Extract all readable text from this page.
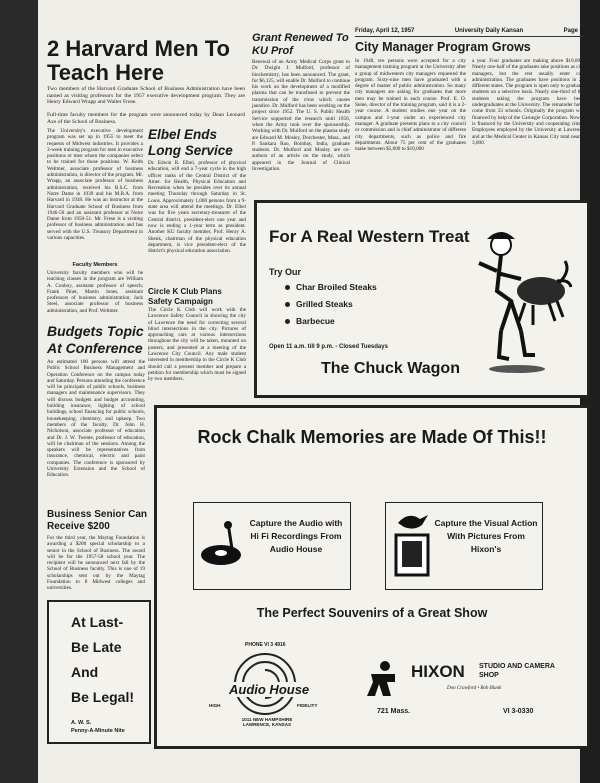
Friday, April 12, 1957	University Daily Kansan	Page 3
2 Harvard Men To Teach Here
Two members of the Harvard Graduate School of Business Administration have been named as visiting professors for the 1957 executive development program. They are Henry Edward Wrapp and Walter Frese.
Full-time faculty members for the program were announced today by Dean Leonard Axe of the School of Business.
The University's executive development program was set up in 1955 to meet the requests of Midwest industries. It provides a 3-week training program for men in executive positions or men whom the companies select to be trained for those positions. W. Keith Weltmer, associate professor of business administration, is director of the program. Mr. Wrapp, an associate professor of business administration, received his B.S.C. from Notre Dame in 1939 and his M.B.A. from Harvard in 1938. He was an instructor at the Harvard Graduate School of Business from 1946-50 and an assistant professor at Notre Dame from 1950-51. Mr. Frese is a visiting professor of business administration and has served with the U.S. Treasury Department in various capacities.
Faculty Members
University faculty members who will be teaching classes in the program are William A. Conboy, assistant professor of speech; Frank Pinet, Martin Jones, assistant professors of business administration; Jack Steel, associate professor of business administration, and Prof. Weltmer.
Elbel Ends Long Service
Dr. Edwin R. Elbel, professor of physical education, will end a 7-year cycle in the high officer ranks of the Central District of the Amer. for Health, Physical Education and Recreation when he presides over its annual meeting Thursday through Saturday in St. Louis. Approximately 1,000 persons from a 9-state area will attend the meetings. Dr. Elbel was for five years secretary-treasurer of the Central district, president-elect one year and now is ending a 1-year term as president. Another KU faculty member, Prof. Henry A. Shenk, chairman of the physical education department, is vice president-elect of the district's physical education association.
Circle K Club Plans Safety Campaign
The Circle K Club will work with the Lawrence Safety Council in showing the city of Lawrence the need for correcting several blind intersections in the city. Pictures of approaching cars at various intersections throughout the city will be taken, mounted on posters, and presented at a meeting of the Lawrence City Council. Any male student interested in membership in the Circle K Club should call a present member and prepare a petition for membership which must be signed by two members.
Budgets Topic At Conference
An estimated 100 persons will attend the Public School Business Management and Operation Conference on the campus today and Saturday. Persons attending the conference will be principals of public schools, business managers and maintenance supervisors. They will discuss budgets and budget accounting, building insurance, lighting of school buildings, school financing for public schools, housekeeping, chemistry, and upkeep. Two members of the faculty, Dr. John H. Nicholson, associate professor of education and Dr. J. W. Twente, professor of education, will be chairman of the sessions. Among the speakers will be representatives from insurance, chemical, electric and paint companies. The conference is sponsored by University Extension and the School of Education.
Business Senior Can Receive $200
For the third year, the Maytag Foundation is awarding a $200 special scholarship to a senior in the School of Business. The award will be for the 1957-58 school year. The recipient will be announced next fall by the School of Business faculty. This is one of 19 scholarships sent out by the Maytag Foundation to 8 Midwest colleges and universities.
At Last-
Be Late
And
Be Legal!
A. W. S.
Penny-A-Minute Nite
Grant Renewed To KU Prof
Renewal of an Army Medical Corps grant to Dr. Dwight J. Mulford, professor of biochemistry, has been announced. The grant, for $6,125, will enable Dr. Mulford to continue his work on the development of a modified plasma that can be transfused to prevent the transmission of the virus which causes jaundice. Dr. Mulford has been working on the project since 1952. The U. S. Public Health Service supported the research until 1956, when the Army took over the sponsorship. Working with Dr. Mulford on the plasma study are Edward M. Mosley, Dorchester, Mass., and P. Sankara Rao, Bombay, India, graduate students. Dr. Mulford and Mosley are co-authors of an article on the study, which appeared in the Journal of Clinical Investigation.
City Manager Program Grows
In 1948, ten persons were accepted for a city management training program at the University after a group of midwestern city managers requested the program. Sixty-nine men have graduated with a degree of master of public administration. So many city managers are asking for graduates that more men may be trained in each course. Prof. E. O. Stene, director of the training program, said it is a 2-year course. A student studies one year on the campus and 1-year under an experienced city manager. A graduate presents plans to a city council or commission and is chief administrator of different city departments, such as police and fire departments. About 75 per cent of the graduates make between $5,000 to $10,000
a year. Four graduates are making above $10,000. Nearly one-half of the graduates take positions as city managers, but the rest usually enter city administration. The graduates have positions in 20 different states. The program is open only to graduate students on a selective basis. Nearly one-third of the students taking the program have been undergraduates at the University. The remainder have come from 33 schools. Originally the program was financed by help of the Carnegie Corporation. Now it is financed by the University and cooperating cities. Employees employed by the University at Lawrence and at the Medical Center in Kansas City total nearly 3,000.
For A Real Western Treat
Try Our
Char Broiled Steaks
Grilled Steaks
Barbecue
Open 11 a.m. till 9 p.m. - Closed Tuesdays
The Chuck Wagon
Rock Chalk Memories are Made Of This!!
Capture the Audio with Hi Fi Recordings From Audio House
Capture the Visual Action With Pictures From Hixon's
The Perfect Souvenirs of a Great Show
PHONE VI 3 4916
Audio House
HIGH	FIDELITY
1011 NEW HAMPSHIRE
LAWRENCE, KANSAS
HIXON STUDIO AND CAMERA SHOP
Don Crawford • Bob Blank
721 Mass.	VI 3-0330
